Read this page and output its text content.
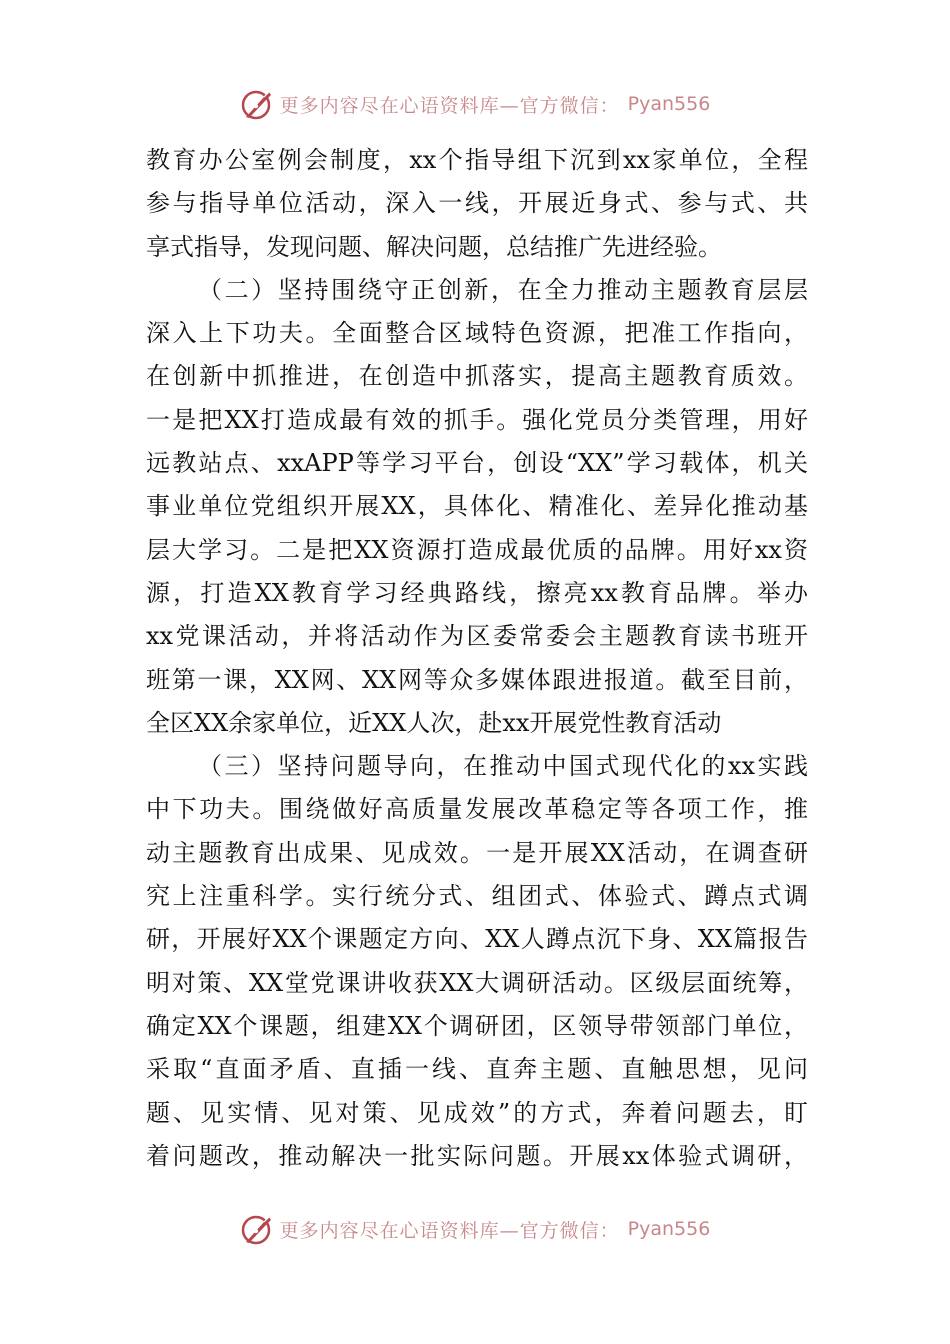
更多内容尽在心语资料库—官方微信： Pyan556
教育办公室例会制度，xx个指导组下沉到xx家单位，全程
参与指导单位活动，深入一线，开展近身式、参与式、共
享式指导，发现问题、解决问题，总结推广先进经验。
（二）坚持围绕守正创新，在全力推动主题教育层层
深入上下功夫。全面整合区域特色资源，把准工作指向，
在创新中抓推进，在创造中抓落实，提高主题教育质效。
一是把XX打造成最有效的抓手。强化党员分类管理，用好
远教站点、xxAPP等学习平台，创设“XX”学习载体，机关
事业单位党组织开展XX，具体化、精准化、差异化推动基
层大学习。二是把XX资源打造成最优质的品牌。用好xx资
源，打造XX教育学习经典路线，擦亮xx教育品牌。举办
xx党课活动，并将活动作为区委常委会主题教育读书班开
班第一课，XX网、XX网等众多媒体跟进报道。截至目前，
全区XX余家单位，近XX人次，赴xx开展党性教育活动
（三）坚持问题导向，在推动中国式现代化的xx实践
中下功夫。围绕做好高质量发展改革稳定等各项工作，推
动主题教育出成果、见成效。一是开展XX活动，在调查研
究上注重科学。实行统分式、组团式、体验式、蹲点式调
研，开展好XX个课题定方向、XX人蹲点沉下身、XX篇报告
明对策、XX堂党课讲收获XX大调研活动。区级层面统筹，
确定XX个课题，组建XX个调研团，区领导带领部门单位，
采取“直面矛盾、直插一线、直奔主题、直触思想，见问
题、见实情、见对策、见成效”的方式，奔着问题去，盯
着问题改，推动解决一批实际问题。开展xx体验式调研，
更多内容尽在心语资料库—官方微信： Pyan556
